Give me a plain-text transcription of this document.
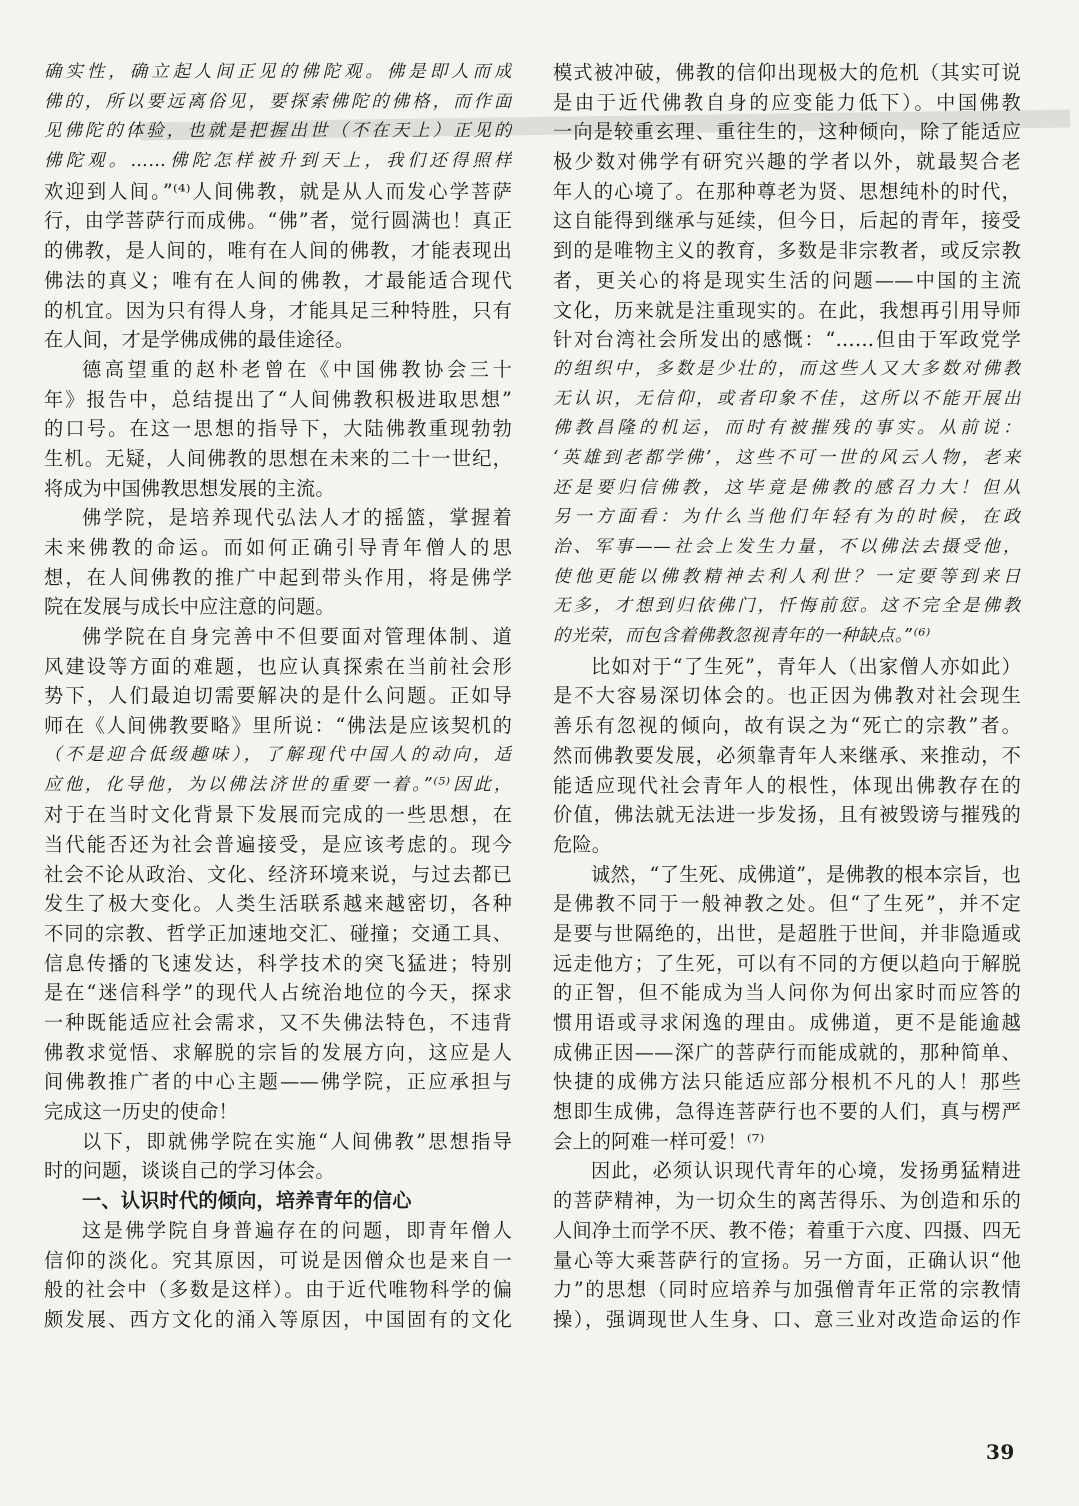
确实性，确立起人间正见的佛陀观。佛是即人而成
佛的，所以要远离俗见，要探索佛陀的佛格，而作面
见佛陀的体验，也就是把握出世（不在天上）正见的
佛陀观。……佛陀怎样被升到天上，我们还得照样
欢迎到人间。”⁽⁴⁾人间佛教，就是从人而发心学菩萨
行，由学菩萨行而成佛。“佛”者，觉行圆满也！真正
的佛教，是人间的，唯有在人间的佛教，才能表现出
佛法的真义；唯有在人间的佛教，才最能适合现代
的机宜。因为只有得人身，才能具足三种特胜，只有
在人间，才是学佛成佛的最佳途径。
德高望重的赵朴老曾在《中国佛教协会三十
年》报告中，总结提出了“人间佛教积极进取思想”
的口号。在这一思想的指导下，大陆佛教重现勃勃
生机。无疑，人间佛教的思想在未来的二十一世纪，
将成为中国佛教思想发展的主流。
佛学院，是培养现代弘法人才的摇篮，掌握着
未来佛教的命运。而如何正确引导青年僧人的思
想，在人间佛教的推广中起到带头作用，将是佛学
院在发展与成长中应注意的问题。
佛学院在自身完善中不但要面对管理体制、道
风建设等方面的难题，也应认真探索在当前社会形
势下，人们最迫切需要解决的是什么问题。正如导
师在《人间佛教要略》里所说：“佛法是应该契机的
（不是迎合低级趣味），了解现代中国人的动向，适
应他，化导他，为以佛法济世的重要一着。”⁽⁵⁾因此，
对于在当时文化背景下发展而完成的一些思想，在
当代能否还为社会普遍接受，是应该考虑的。现今
社会不论从政治、文化、经济环境来说，与过去都已
发生了极大变化。人类生活联系越来越密切，各种
不同的宗教、哲学正加速地交汇、碰撞；交通工具、
信息传播的飞速发达，科学技术的突飞猛进；特别
是在“迷信科学”的现代人占统治地位的今天，探求
一种既能适应社会需求，又不失佛法特色，不违背
佛教求觉悟、求解脱的宗旨的发展方向，这应是人
间佛教推广者的中心主题——佛学院，正应承担与
完成这一历史的使命！
以下，即就佛学院在实施“人间佛教”思想指导
时的问题，谈谈自己的学习体会。
一、认识时代的倾向，培养青年的信心
这是佛学院自身普遍存在的问题，即青年僧人
信仰的淡化。究其原因，可说是因僧众也是来自一
般的社会中（多数是这样）。由于近代唯物科学的偏
颇发展、西方文化的涌入等原因，中国固有的文化
模式被冲破，佛教的信仰出现极大的危机（其实可说
是由于近代佛教自身的应变能力低下）。中国佛教
一向是较重玄理、重往生的，这种倾向，除了能适应
极少数对佛学有研究兴趣的学者以外，就最契合老
年人的心境了。在那种尊老为贤、思想纯朴的时代，
这自能得到继承与延续，但今日，后起的青年，接受
到的是唯物主义的教育，多数是非宗教者，或反宗教
者，更关心的将是现实生活的问题——中国的主流
文化，历来就是注重现实的。在此，我想再引用导师
针对台湾社会所发出的感慨：“……但由于军政党学
的组织中，多数是少壮的，而这些人又大多数对佛教
无认识，无信仰，或者印象不佳，这所以不能开展出
佛教昌隆的机运，而时有被摧残的事实。从前说：
‘英雄到老都学佛’，这些不可一世的风云人物，老来
还是要归信佛教，这毕竟是佛教的感召力大！但从
另一方面看：为什么当他们年轻有为的时候，在政
治、军事——社会上发生力量，不以佛法去摄受他，
使他更能以佛教精神去利人利世？一定要等到来日
无多，才想到归依佛门，忏悔前愆。这不完全是佛教
的光荣，而包含着佛教忽视青年的一种缺点。”⁽⁶⁾
比如对于“了生死”，青年人（出家僧人亦如此）
是不大容易深切体会的。也正因为佛教对社会现生
善乐有忽视的倾向，故有误之为“死亡的宗教”者。
然而佛教要发展，必须靠青年人来继承、来推动，不
能适应现代社会青年人的根性，体现出佛教存在的
价值，佛法就无法进一步发扬，且有被毁谤与摧残的
危险。
诚然，“了生死、成佛道”，是佛教的根本宗旨，也
是佛教不同于一般神教之处。但“了生死”，并不定
是要与世隔绝的，出世，是超胜于世间，并非隐遁或
远走他方；了生死，可以有不同的方便以趋向于解脱
的正智，但不能成为当人问你为何出家时而应答的
惯用语或寻求闲逸的理由。成佛道，更不是能逾越
成佛正因——深广的菩萨行而能成就的，那种简单、
快捷的成佛方法只能适应部分根机不凡的人！那些
想即生成佛，急得连菩萨行也不要的人们，真与楞严
会上的阿难一样可爱！⁽⁷⁾
因此，必须认识现代青年的心境，发扬勇猛精进
的菩萨精神，为一切众生的离苦得乐、为创造和乐的
人间净土而学不厌、教不倦；着重于六度、四摄、四无
量心等大乘菩萨行的宣扬。另一方面，正确认识“他
力”的思想（同时应培养与加强僧青年正常的宗教情
操），强调现世人生身、口、意三业对改造命运的作
39
